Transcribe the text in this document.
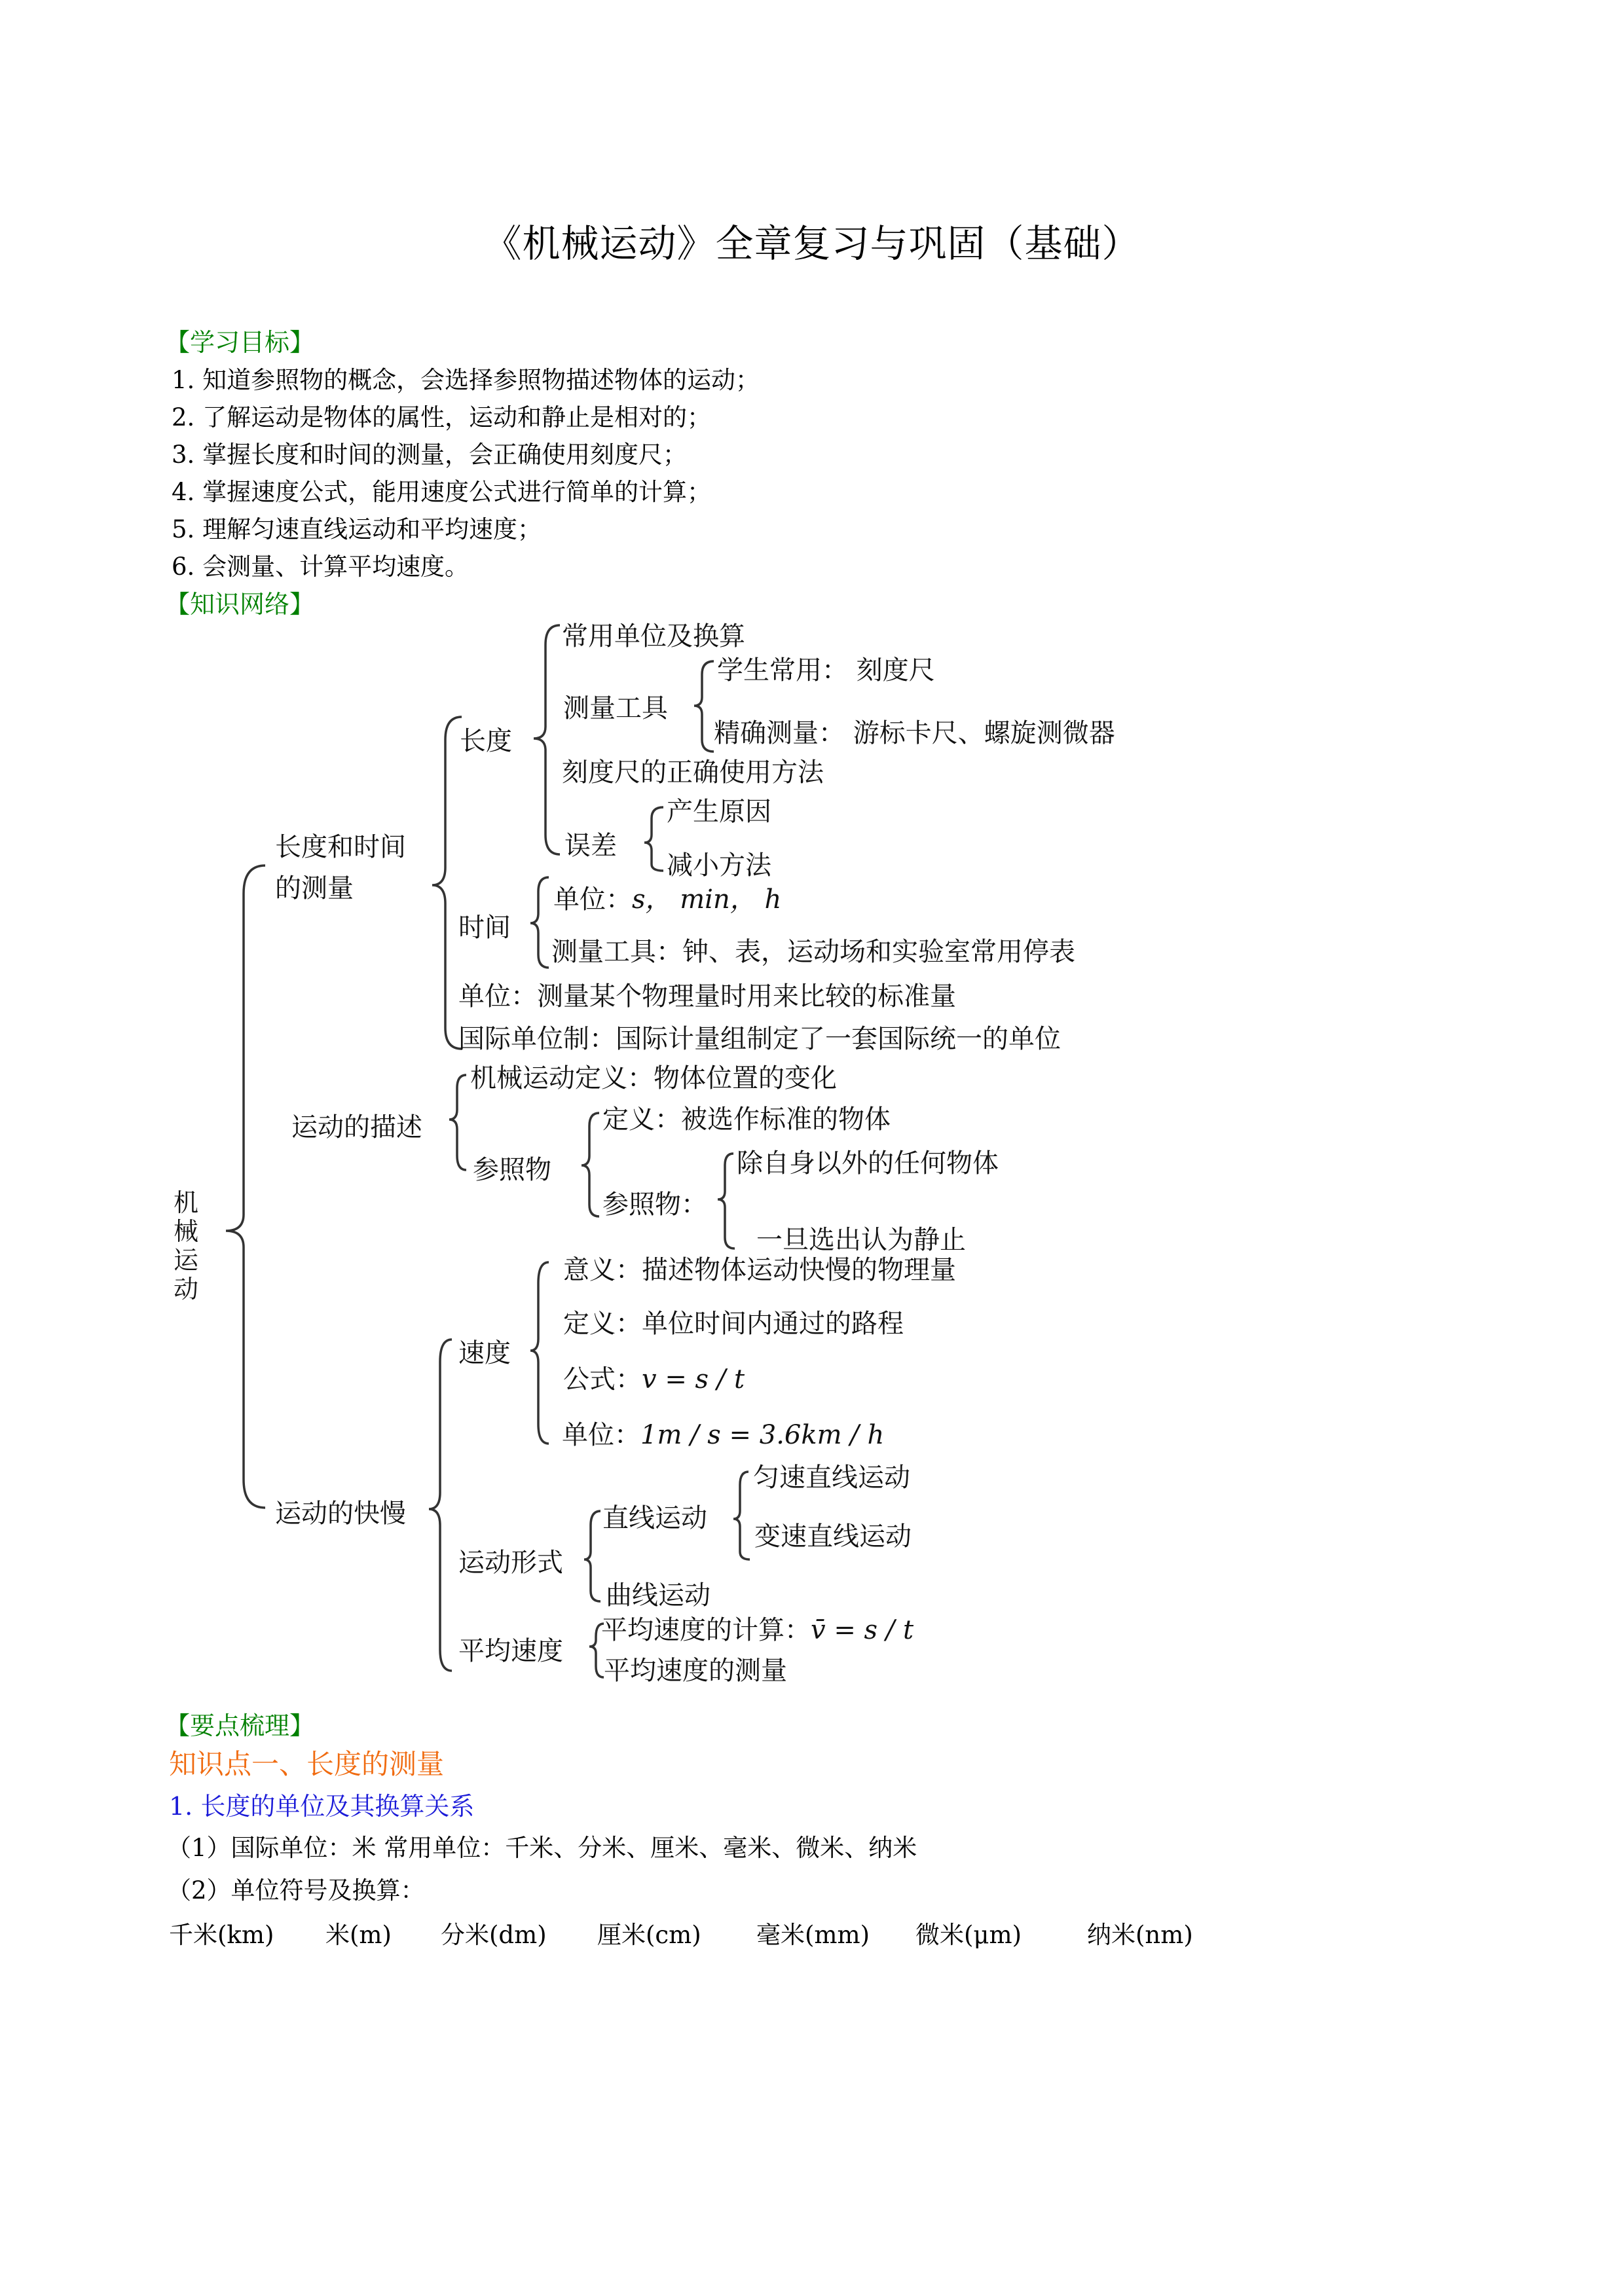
《机械运动》全章复习与巩固（基础）
【学习目标】
1. 知道参照物的概念，会选择参照物描述物体的运动；
2. 了解运动是物体的属性，运动和静止是相对的；
3. 掌握长度和时间的测量，会正确使用刻度尺；
4. 掌握速度公式，能用速度公式进行简单的计算；
5. 理解匀速直线运动和平均速度；
6. 会测量、计算平均速度。
【知识网络】
机械运动
长度和时间
的测量
长度
常用单位及换算
测量工具
学生常用： 刻度尺
精确测量： 游标卡尺、螺旋测微器
刻度尺的正确使用方法
误差
产生原因
减小方法
时间
单位：s， min， h
测量工具：钟、表，运动场和实验室常用停表
单位：测量某个物理量时用来比较的标准量
国际单位制：国际计量组制定了一套国际统一的单位
运动的描述
机械运动定义：物体位置的变化
参照物
定义：被选作标准的物体
参照物：
除自身以外的任何物体
一旦选出认为静止
运动的快慢
速度
意义：描述物体运动快慢的物理量
定义：单位时间内通过的路程
公式：v = s / t
单位：1m / s = 3.6km / h
运动形式
直线运动
匀速直线运动
变速直线运动
曲线运动
平均速度
平均速度的计算：v̄ = s / t
平均速度的测量
【要点梳理】
知识点一、长度的测量
1. 长度的单位及其换算关系
（1）国际单位：米 常用单位：千米、分米、厘米、毫米、微米、纳米
（2）单位符号及换算：
千米(km) 米(m) 分米(dm) 厘米(cm) 毫米(mm) 微米(μm)	纳米(nm)
